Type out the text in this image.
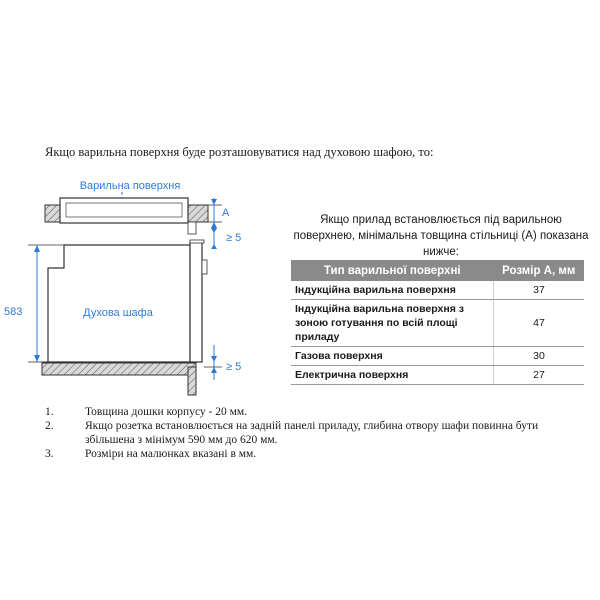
Якщо варильна поверхня буде розташовуватися над духовою шафою, то:
Варильна поверхня
A
≥ 5
Духова шафа
583
≥ 5
Якщо прилад встановлюється під варильною поверхнею, мінімальна товщина стільниці (A) показана нижче:
Тип варильної поверхні	Розмір A, мм
Індукційна варильна поверхня	37
Індукційна варильна поверхня з зоною готування по всій площі приладу	47
Газова поверхня	30
Електрична поверхня	27
1.	Товщина дошки корпусу - 20 мм.
2.	Якщо розетка встановлюється на задній панелі приладу, глибина отвору шафи повинна бути збільшена з мінімум 590 мм до 620 мм.
3.	Розміри на малюнках вказані в мм.
